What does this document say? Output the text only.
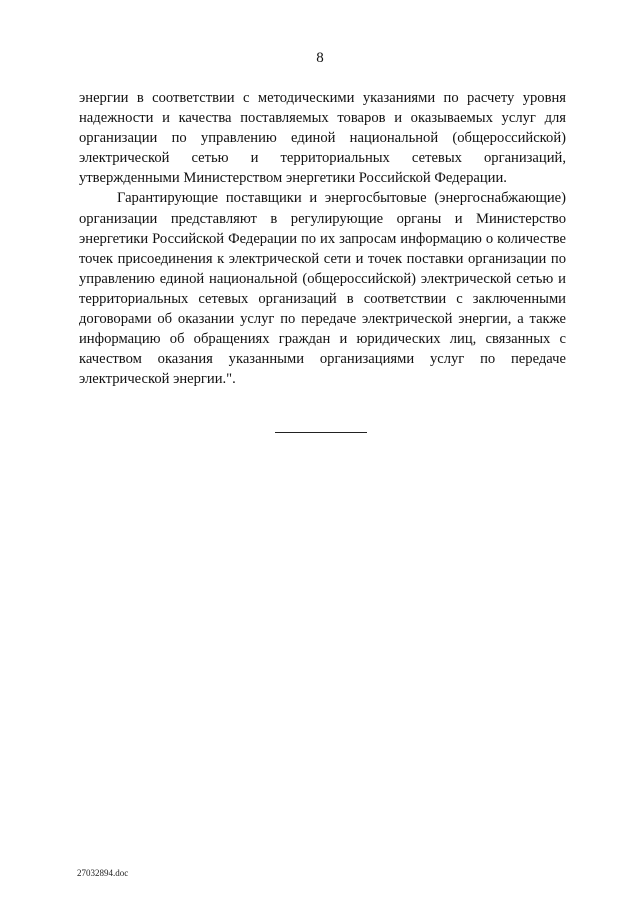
8

энергии в соответствии с методическими указаниями по расчету уровня надежности и качества поставляемых товаров и оказываемых услуг для организации по управлению единой национальной (общероссийской) электрической сетью и территориальных сетевых организаций, утвержденными Министерством энергетики Российской Федерации.

Гарантирующие поставщики и энергосбытовые (энергоснабжающие) организации представляют в регулирующие органы и Министерство энергетики Российской Федерации по их запросам информацию о количестве точек присоединения к электрической сети и точек поставки организации по управлению единой национальной (общероссийской) электрической сетью и территориальных сетевых организаций в соответствии с заключенными договорами об оказании услуг по передаче электрической энергии, а также информацию об обращениях граждан и юридических лиц, связанных с качеством оказания указанными организациями услуг по передаче электрической энергии.".

27032894.doc
